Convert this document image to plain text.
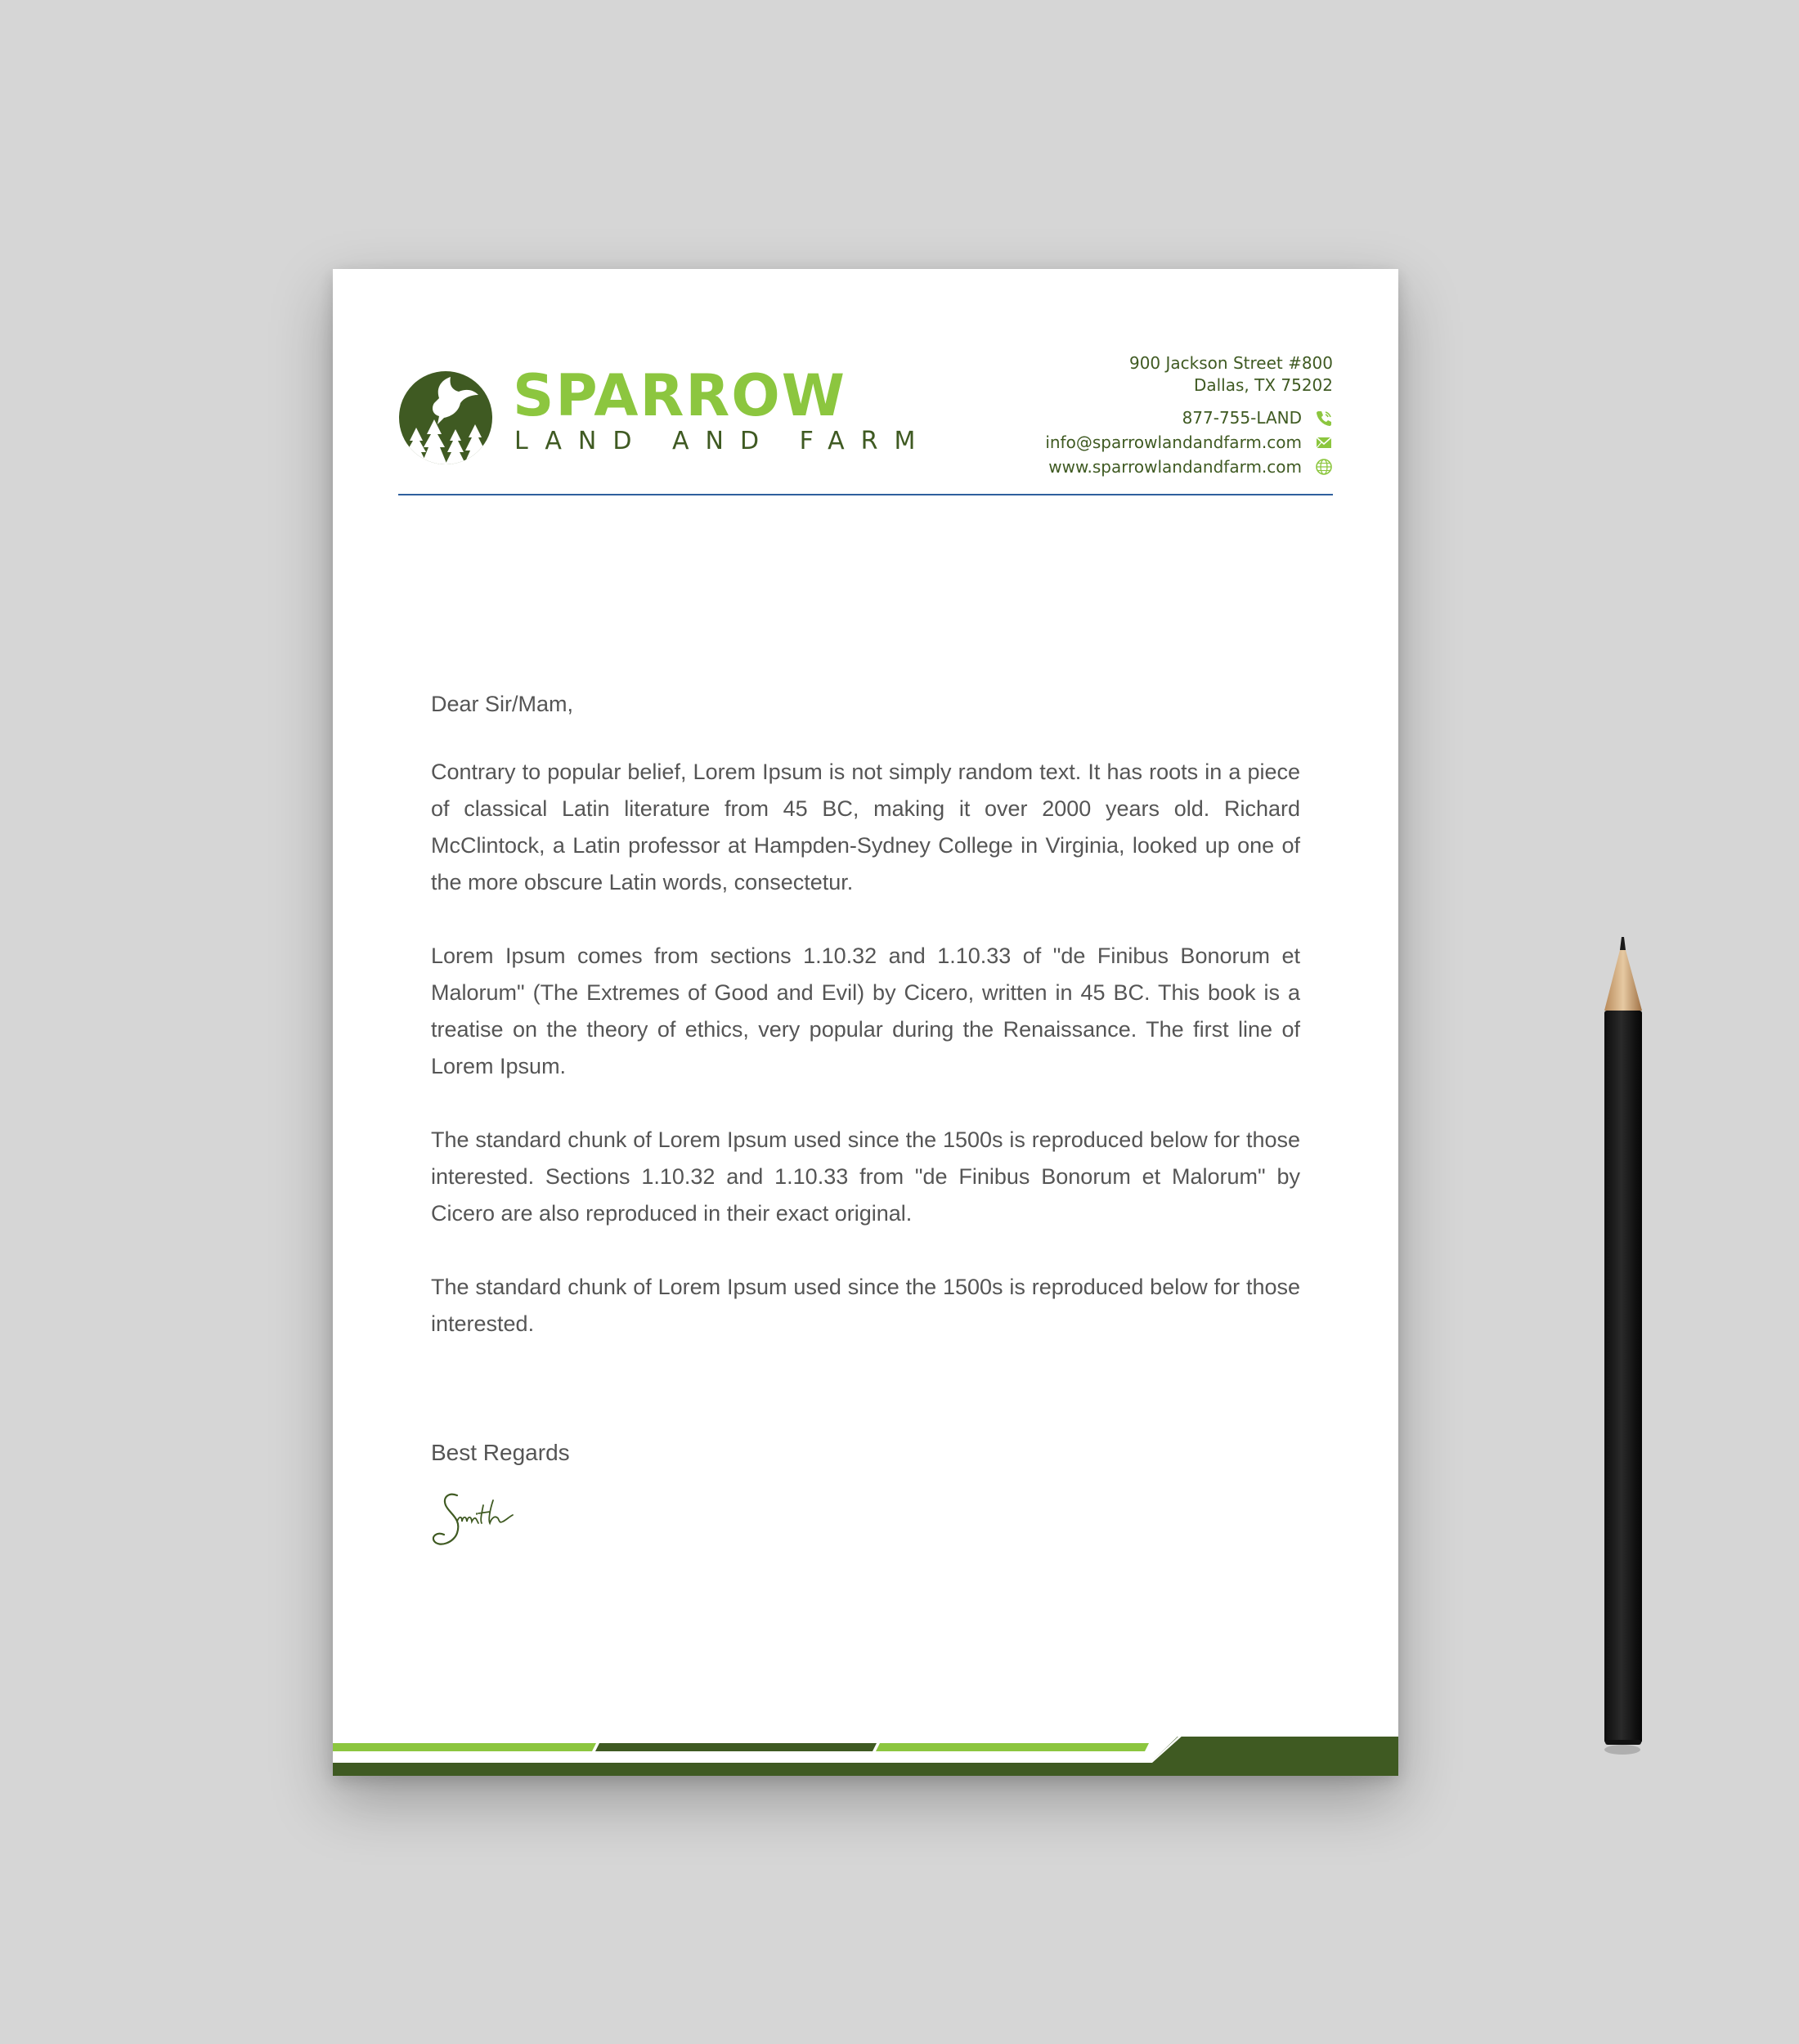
SPARROW
LAND AND FARM
900 Jackson Street #800
Dallas, TX 75202
877-755-LAND
info@sparrowlandandfarm.com
www.sparrowlandandfarm.com

Dear Sir/Mam,

Contrary to popular belief, Lorem Ipsum is not simply random text. It has roots in a piece of classical Latin literature from 45 BC, making it over 2000 years old. Richard McClintock, a Latin professor at Hampden-Sydney College in Virginia, looked up one of the more obscure Latin words, consectetur.

Lorem Ipsum comes from sections 1.10.32 and 1.10.33 of "de Finibus Bonorum et Malorum" (The Extremes of Good and Evil) by Cicero, written in 45 BC. This book is a treatise on the theory of ethics, very popular during the Renaissance. The first line of Lorem Ipsum.

The standard chunk of Lorem Ipsum used since the 1500s is reproduced below for those interested. Sections 1.10.32 and 1.10.33 from "de Finibus Bonorum et Malorum" by Cicero are also reproduced in their exact original.

The standard chunk of Lorem Ipsum used since the 1500s is reproduced below for those interested.

Best Regards
